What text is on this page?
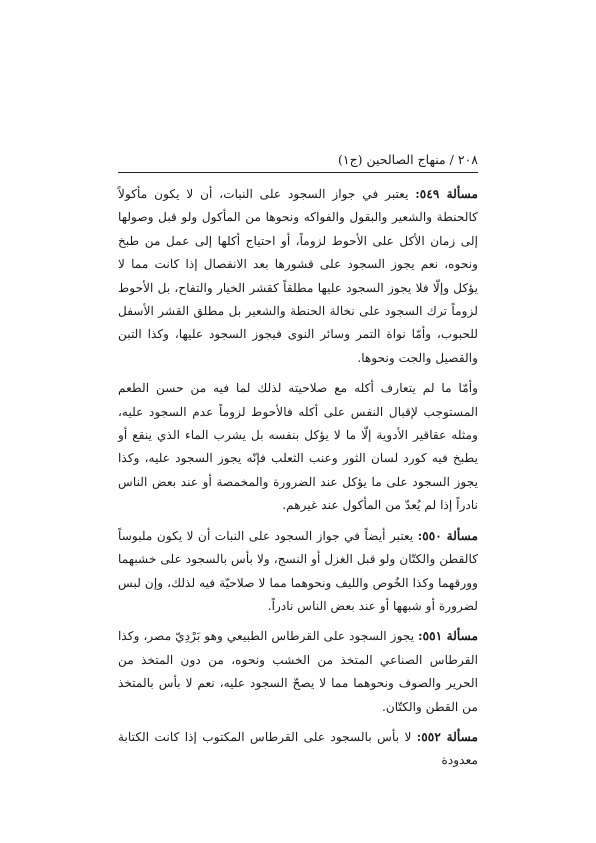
٢٠٨ / منهاج الصالحين (ج١)

مسألة ٥٤٩: يعتبر في جواز السجود على النبات، أن لا يكون مأكولاً كالحنطة والشعير والبقول والفواكه ونحوها من المأكول ولو قبل وصولها إلى زمان الأكل على الأحوط لزوماً، أو احتياج أكلها إلى عمل من طبخ ونحوه، نعم يجوز السجود على قشورها بعد الانفصال إذا كانت مما لا يؤكل وإلّا فلا يجوز السجود عليها مطلقاً كقشر الخيار والتفاح، بل الأحوط لزوماً ترك السجود على نخالة الحنطة والشعير بل مطلق القشر الأسفل للحبوب، وأمّا نواة التمر وسائر النوى فيجوز السجود عليها، وكذا التبن والقصيل والجت ونحوها.

وأمّا ما لم يتعارف أكله مع صلاحيته لذلك لما فيه من حسن الطعم المستوجب لإقبال النفس على أكله فالأحوط لزوماً عدم السجود عليه، ومثله عقاقير الأدوية إلّا ما لا يؤكل بنفسه بل يشرب الماء الذي ينقع أو يطبخ فيه كورد لسان الثور وعنب الثعلب فإنّه يجوز السجود عليه، وكذا يجوز السجود على ما يؤكل عند الضرورة والمخمصة أو عند بعض الناس نادراً إذا لم يُعدّ من المأكول عند غيرهم.

مسألة ٥٥٠: يعتبر أيضاً في جواز السجود على النبات أن لا يكون ملبوساً كالقطن والكتّان ولو قبل الغزل أو النسج، ولا بأس بالسجود على خشبهما وورقهما وكذا الخُوص والليف ونحوهما مما لا صلاحيّة فيه لذلك، وإن لبس لضرورة أو شبهها أو عند بعض الناس نادراً.

مسألة ٥٥١: يجوز السجود على القرطاس الطبيعي وهو بَرْدِيّ مصر، وكذا القرطاس الصناعي المتخذ من الخشب ونحوه، من دون المتخذ من الحرير والصوف ونحوهما مما لا يصحّ السجود عليه، نعم لا بأس بالمتخذ من القطن والكتّان.

مسألة ٥٥٢: لا بأس بالسجود على القرطاس المكتوب إذا كانت الكتابة معدودة
